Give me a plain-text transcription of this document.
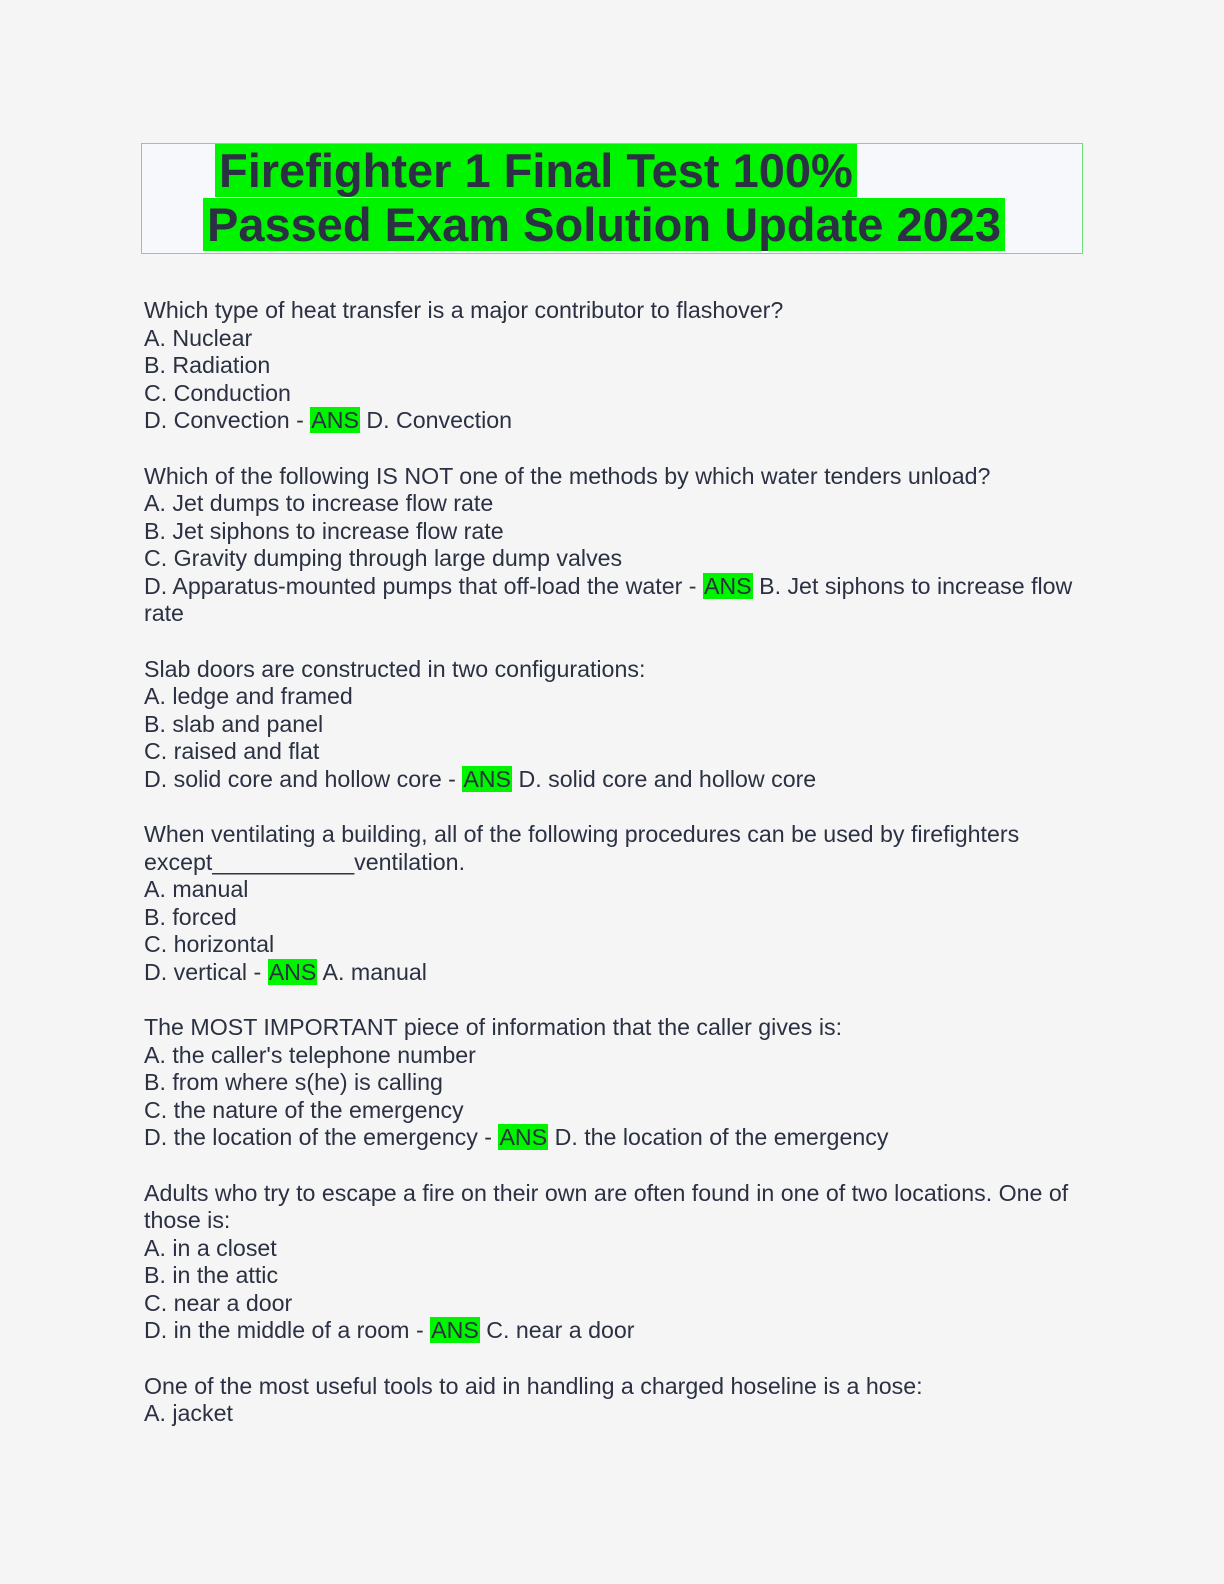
Firefighter 1 Final Test 100%
Passed Exam Solution Update 2023
Which type of heat transfer is a major contributor to flashover?
A. Nuclear
B. Radiation
C. Conduction
D. Convection - ANS D. Convection
Which of the following IS NOT one of the methods by which water tenders unload?
A. Jet dumps to increase flow rate
B. Jet siphons to increase flow rate
C. Gravity dumping through large dump valves
D. Apparatus-mounted pumps that off-load the water - ANS B. Jet siphons to increase flow rate
Slab doors are constructed in two configurations:
A. ledge and framed
B. slab and panel
C. raised and flat
D. solid core and hollow core - ANS D. solid core and hollow core
When ventilating a building, all of the following procedures can be used by firefighters except___________ventilation.
A. manual
B. forced
C. horizontal
D. vertical - ANS A. manual
The MOST IMPORTANT piece of information that the caller gives is:
A. the caller's telephone number
B. from where s(he) is calling
C. the nature of the emergency
D. the location of the emergency - ANS D. the location of the emergency
Adults who try to escape a fire on their own are often found in one of two locations. One of those is:
A. in a closet
B. in the attic
C. near a door
D. in the middle of a room - ANS C. near a door
One of the most useful tools to aid in handling a charged hoseline is a hose:
A. jacket
